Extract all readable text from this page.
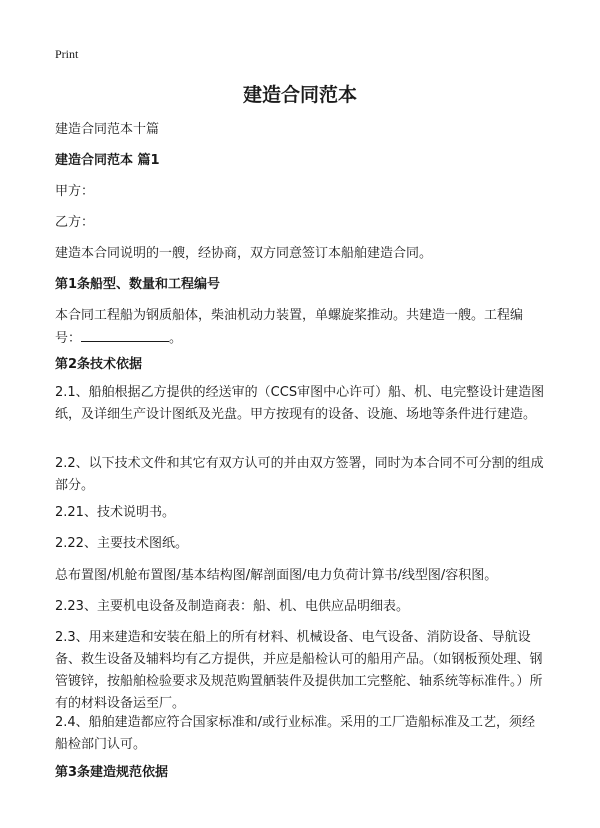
Print
建造合同范本
建造合同范本十篇
建造合同范本 篇1
甲方：
乙方：
建造本合同说明的一艘，经协商，双方同意签订本船舶建造合同。
第1条船型、数量和工程编号
本合同工程船为钢质船体，柴油机动力装置，单螺旋桨推动。共建造一艘。工程编号：	。
第2条技术依据
2.1、船舶根据乙方提供的经送审的（CCS审图中心许可）船、机、电完整设计建造图纸，及详细生产设计图纸及光盘。甲方按现有的设备、设施、场地等条件进行建造。
2.2、以下技术文件和其它有双方认可的并由双方签署，同时为本合同不可分割的组成部分。
2.21、技术说明书。
2.22、主要技术图纸。
总布置图/机舱布置图/基本结构图/解剖面图/电力负荷计算书/线型图/容积图。
2.23、主要机电设备及制造商表：船、机、电供应品明细表。
2.3、用来建造和安装在船上的所有材料、机械设备、电气设备、消防设备、导航设备、救生设备及辅料均有乙方提供，并应是船检认可的船用产品。（如钢板预处理、钢管镀锌，按船舶检验要求及规范购置舾装件及提供加工完整舵、轴系统等标准件。）所有的材料设备运至厂。
2.4、船舶建造都应符合国家标准和/或行业标准。采用的工厂造船标准及工艺，须经船检部门认可。
第3条建造规范依据
